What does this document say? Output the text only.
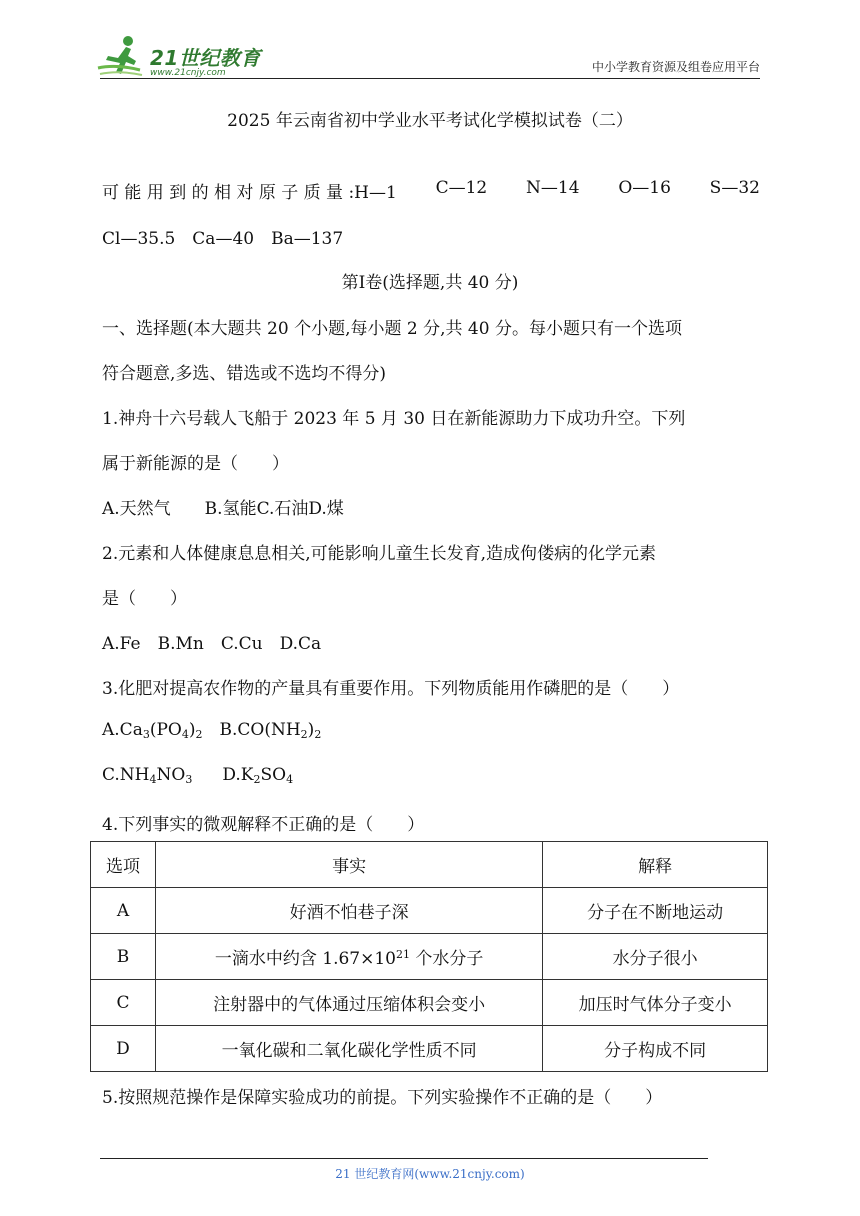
21世纪教育
www.21cnjy.com	中小学教育资源及组卷应用平台
2025 年云南省初中学业水平考试化学模拟试卷（二）
可 能 用 到 的 相 对 原 子 质 量 :H—1 C—12 N—14 O—16 S—32
Cl—35.5　Ca—40　Ba—137
第Ⅰ卷(选择题,共 40 分)
一、选择题(本大题共 20 个小题,每小题 2 分,共 40 分。每小题只有一个选项
符合题意,多选、错选或不选均不得分)
1.神舟十六号载人飞船于 2023 年 5 月 30 日在新能源助力下成功升空。下列
属于新能源的是（　　）
A.天然气　　B.氢能C.石油D.煤
2.元素和人体健康息息相关,可能影响儿童生长发育,造成佝偻病的化学元素
是（　　）
A.Fe　B.Mn　C.Cu　D.Ca
3.化肥对提高农作物的产量具有重要作用。下列物质能用作磷肥的是（　　）
$A.Ca_3(PO_4)_2$ $B.CO(NH_2)_2$
$C.NH_4NO_3$ $D.K_2SO_4$
4.下列事实的微观解释不正确的是（　　）
选项	事实	解释
A	好酒不怕巷子深	分子在不断地运动
B	一滴水中约含 $1.67\times 10^{21}$ 个水分子	水分子很小
C	注射器中的气体通过压缩体积会变小	加压时气体分子变小
D	一氧化碳和二氧化碳化学性质不同	分子构成不同
5.按照规范操作是保障实验成功的前提。下列实验操作不正确的是（　　）
21 世纪教育网(www.21cnjy.com)
